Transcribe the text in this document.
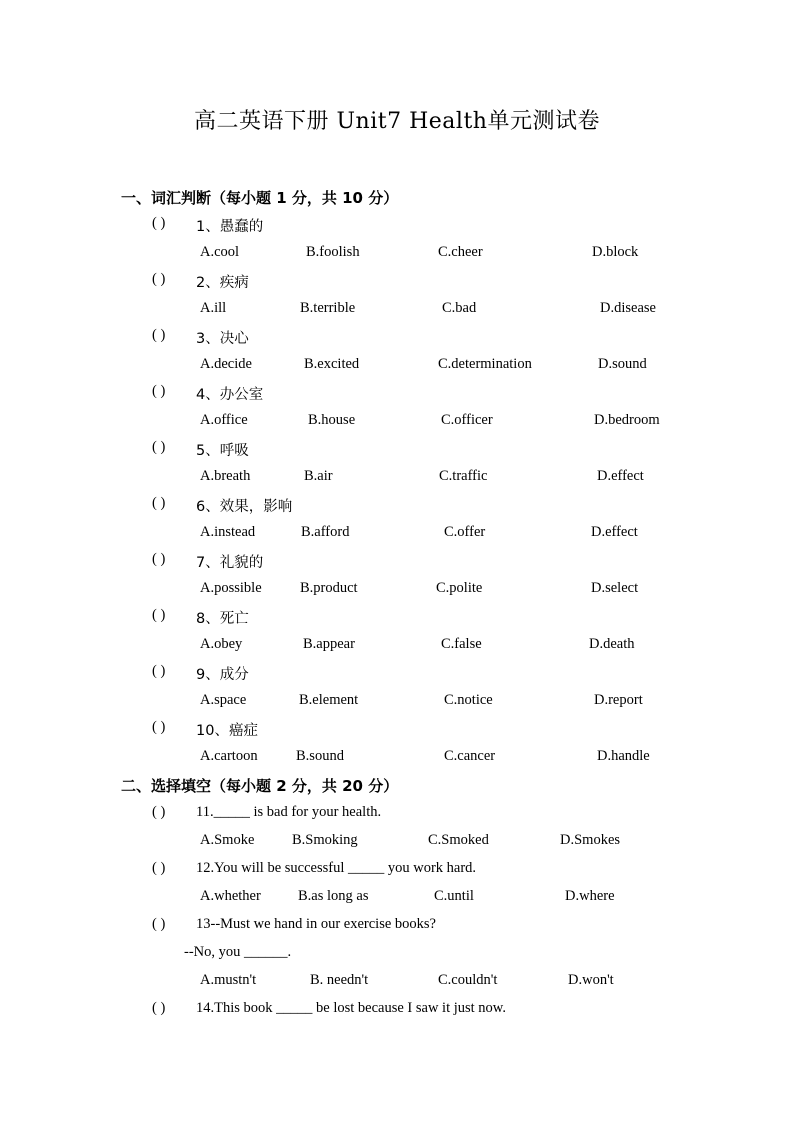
高二英语下册 Unit7 Health单元测试卷
一、词汇判断（每小题 1 分，共 10 分）
( ) 1、愚蠢的
A.cool	B.foolish	C.cheer	D.block
( ) 2、疾病
A.ill	B.terrible	C.bad	D.disease
( ) 3、决心
A.decide	B.excited	C.determination	D.sound
( ) 4、办公室
A.office	B.house	C.officer	D.bedroom
( ) 5、呼吸
A.breath	B.air	C.traffic	D.effect
( ) 6、效果，影响
A.instead	B.afford	C.offer	D.effect
( ) 7、礼貌的
A.possible	B.product	C.polite	D.select
( ) 8、死亡
A.obey	B.appear	C.false	D.death
( ) 9、成分
A.space	B.element	C.notice	D.report
( ) 10、癌症
A.cartoon	B.sound	C.cancer	D.handle
二、选择填空（每小题 2 分，共 20 分）
( ) 11._____ is bad for your health.
A.Smoke	B.Smoking	C.Smoked	D.Smokes
( ) 12.You will be successful _____ you work hard.
A.whether	B.as long as	C.until	D.where
( ) 13--Must we hand in our exercise books?
--No, you ______.
A.mustn't	B. needn't	C.couldn't	D.won't
( ) 14.This book _____ be lost because I saw it just now.
